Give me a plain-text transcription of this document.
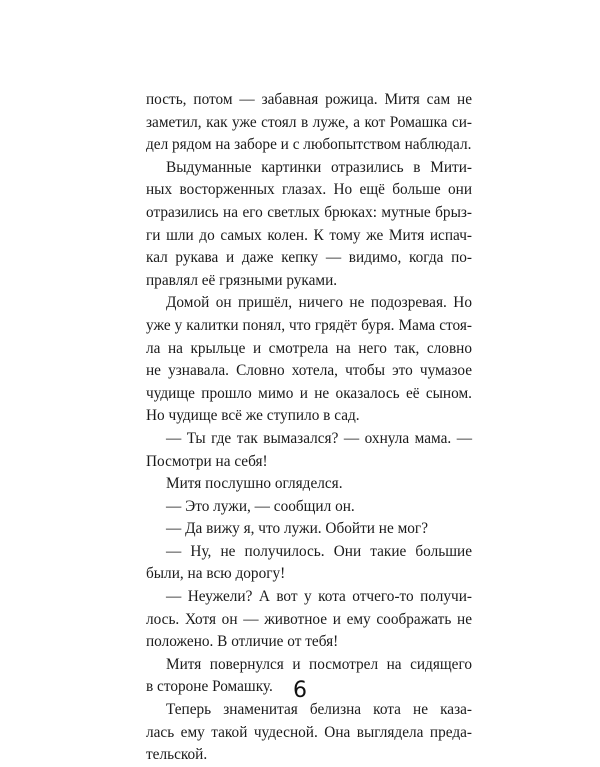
пость, потом — забавная рожица. Митя сам не
заметил, как уже стоял в луже, а кот Ромашка си-
дел рядом на заборе и с любопытством наблюдал.
Выдуманные картинки отразились в Мити-
ных восторженных глазах. Но ещё больше они
отразились на его светлых брюках: мутные брыз-
ги шли до самых колен. К тому же Митя испач-
кал рукава и даже кепку — видимо, когда по-
правлял её грязными руками.
Домой он пришёл, ничего не подозревая. Но
уже у калитки понял, что грядёт буря. Мама стоя-
ла на крыльце и смотрела на него так, словно
не узнавала. Словно хотела, чтобы это чумазое
чудище прошло мимо и не оказалось её сыном.
Но чудище всё же ступило в сад.
— Ты где так вымазался? — охнула мама. —
Посмотри на себя!
Митя послушно огляделся.
— Это лужи, — сообщил он.
— Да вижу я, что лужи. Обойти не мог?
— Ну, не получилось. Они такие большие
были, на всю дорогу!
— Неужели? А вот у кота отчего-то получи-
лось. Хотя он — животное и ему соображать не
положено. В отличие от тебя!
Митя повернулся и посмотрел на сидящего
в стороне Ромашку.
Теперь знаменитая белизна кота не каза-
лась ему такой чудесной. Она выглядела преда-
тельской.
6
